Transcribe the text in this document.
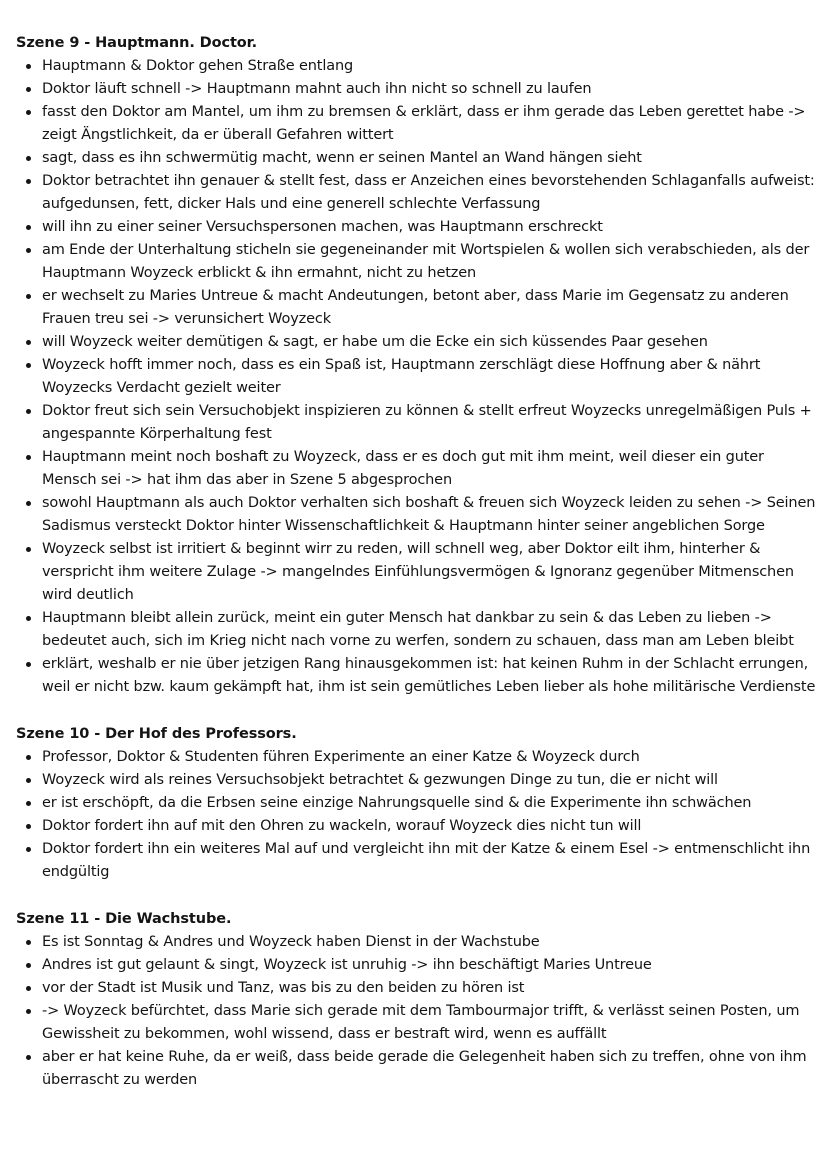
Szene 9 - Hauptmann. Doctor.
Hauptmann & Doktor gehen Straße entlang
Doktor läuft schnell -> Hauptmann mahnt auch ihn nicht so schnell zu laufen
fasst den Doktor am Mantel, um ihm zu bremsen & erklärt, dass er ihm gerade das Leben gerettet habe -> zeigt Ängstlichkeit, da er überall Gefahren wittert
sagt, dass es ihn schwermütig macht, wenn er seinen Mantel an Wand hängen sieht
Doktor betrachtet ihn genauer & stellt fest, dass er Anzeichen eines bevorstehenden Schlaganfalls aufweist: aufgedunsen, fett, dicker Hals und eine generell schlechte Verfassung
will ihn zu einer seiner Versuchspersonen machen, was Hauptmann erschreckt
am Ende der Unterhaltung sticheln sie gegeneinander mit Wortspielen & wollen sich verabschieden, als der Hauptmann Woyzeck erblickt & ihn ermahnt, nicht zu hetzen
er wechselt zu Maries Untreue & macht Andeutungen, betont aber, dass Marie im Gegensatz zu anderen Frauen treu sei -> verunsichert Woyzeck
will Woyzeck weiter demütigen & sagt, er habe um die Ecke ein sich küssendes Paar gesehen
Woyzeck hofft immer noch, dass es ein Spaß ist, Hauptmann zerschlägt diese Hoffnung aber & nährt Woyzecks Verdacht gezielt weiter
Doktor freut sich sein Versuchobjekt inspizieren zu können & stellt erfreut Woyzecks unregelmäßigen Puls + angespannte Körperhaltung fest
Hauptmann meint noch boshaft zu Woyzeck, dass er es doch gut mit ihm meint, weil dieser ein guter Mensch sei -> hat ihm das aber in Szene 5 abgesprochen
sowohl Hauptmann als auch Doktor verhalten sich boshaft & freuen sich Woyzeck leiden zu sehen -> Seinen Sadismus versteckt Doktor hinter Wissenschaftlichkeit & Hauptmann hinter seiner angeblichen Sorge
Woyzeck selbst ist irritiert & beginnt wirr zu reden, will schnell weg, aber Doktor eilt ihm, hinterher & verspricht ihm weitere Zulage -> mangelndes Einfühlungsvermögen & Ignoranz gegenüber Mitmenschen wird deutlich
Hauptmann bleibt allein zurück, meint ein guter Mensch hat dankbar zu sein & das Leben zu lieben -> bedeutet auch, sich im Krieg nicht nach vorne zu werfen, sondern zu schauen, dass man am Leben bleibt
erklärt, weshalb er nie über jetzigen Rang hinausgekommen ist: hat keinen Ruhm in der Schlacht errungen, weil er nicht bzw. kaum gekämpft hat, ihm ist sein gemütliches Leben lieber als hohe militärische Verdienste
Szene 10 - Der Hof des Professors.
Professor, Doktor & Studenten führen Experimente an einer Katze & Woyzeck durch
Woyzeck wird als reines Versuchsobjekt betrachtet & gezwungen Dinge zu tun, die er nicht will
er ist erschöpft, da die Erbsen seine einzige Nahrungsquelle sind & die Experimente ihn schwächen
Doktor fordert ihn auf mit den Ohren zu wackeln, worauf Woyzeck dies nicht tun will
Doktor fordert ihn ein weiteres Mal auf und vergleicht ihn mit der Katze & einem Esel -> entmenschlicht ihn endgültig
Szene 11 - Die Wachstube.
Es ist Sonntag & Andres und Woyzeck haben Dienst in der Wachstube
Andres ist gut gelaunt & singt, Woyzeck ist unruhig -> ihn beschäftigt Maries Untreue
vor der Stadt ist Musik und Tanz, was bis zu den beiden zu hören ist
-> Woyzeck befürchtet, dass Marie sich gerade mit dem Tambourmajor trifft, & verlässt seinen Posten, um Gewissheit zu bekommen, wohl wissend, dass er bestraft wird, wenn es auffällt
aber er hat keine Ruhe, da er weiß, dass beide gerade die Gelegenheit haben sich zu treffen, ohne von ihm überrascht zu werden
